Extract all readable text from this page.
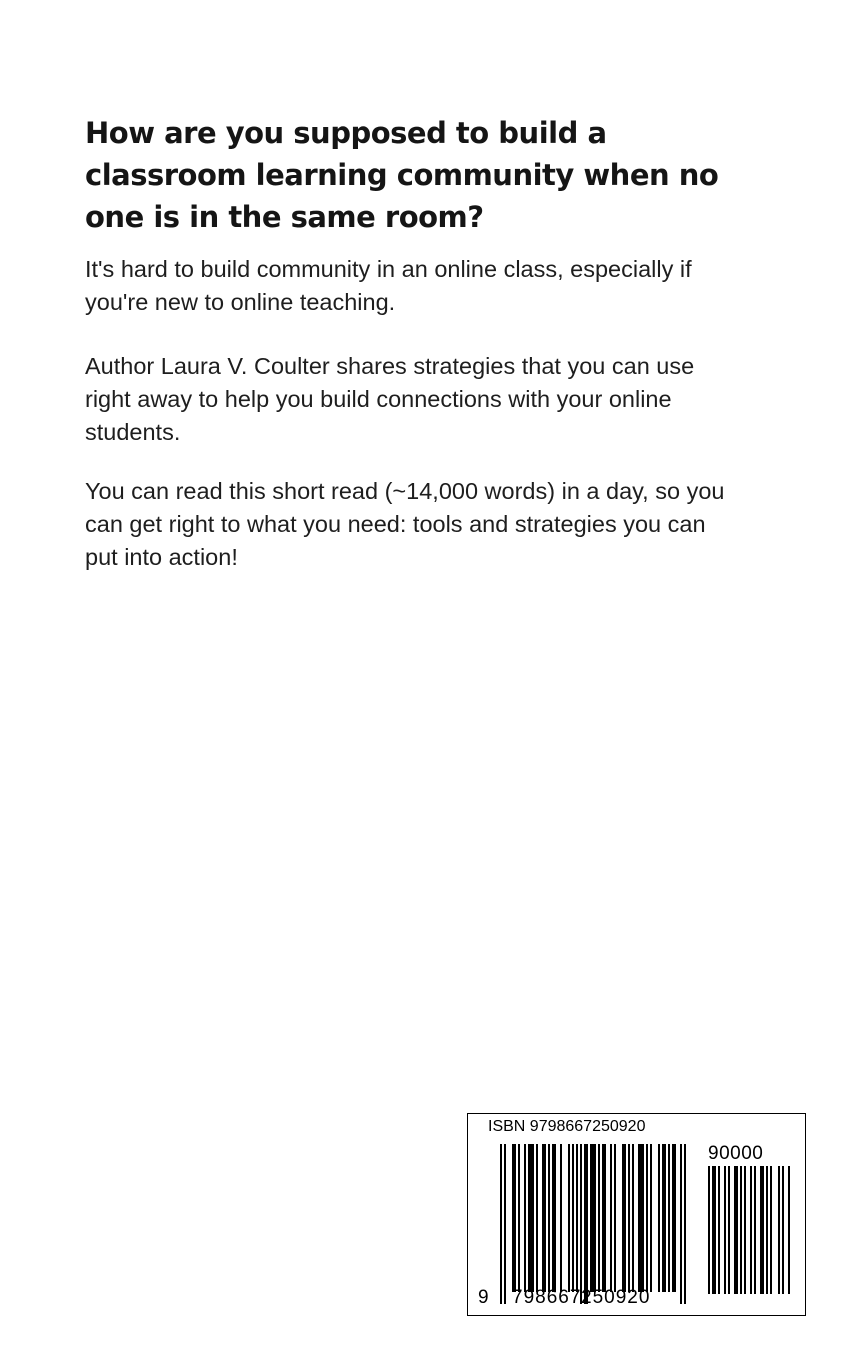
How are you supposed to build a classroom learning community when no one is in the same room?

It's hard to build community in an online class, especially if you're new to online teaching.

Author Laura V. Coulter shares strategies that you can use right away to help you build connections with your online students.

You can read this short read (~14,000 words) in a day, so you can get right to what you need: tools and strategies you can put into action!

ISBN 9798667250920
90000
9 798667 250920
